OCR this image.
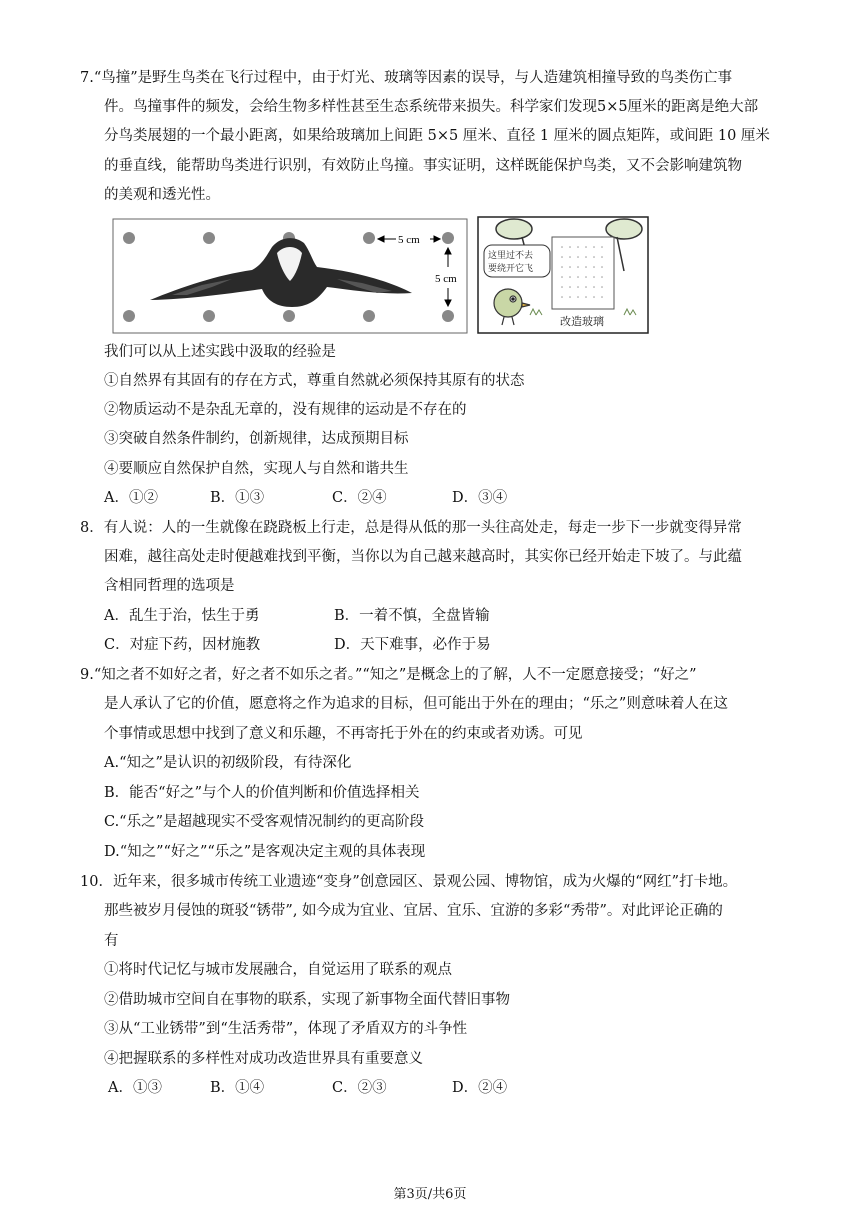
7.“鸟撞”是野生鸟类在飞行过程中，由于灯光、玻璃等因素的误导，与人造建筑相撞导致的鸟类伤亡事
件。鸟撞事件的频发，会给生物多样性甚至生态系统带来损失。科学家们发现5×5厘米的距离是绝大部
分鸟类展翅的一个最小距离，如果给玻璃加上间距 5×5 厘米、直径 1 厘米的圆点矩阵，或间距 10 厘米
的垂直线，能帮助鸟类进行识别，有效防止鸟撞。事实证明，这样既能保护鸟类，又不会影响建筑物
的美观和透光性。
5 cm
5 cm
这里过不去
要绕开它飞
改造玻璃
我们可以从上述实践中汲取的经验是
①自然界有其固有的存在方式，尊重自然就必须保持其原有的状态
②物质运动不是杂乱无章的，没有规律的运动是不存在的
③突破自然条件制约，创新规律，达成预期目标
④要顺应自然保护自然，实现人与自然和谐共生
A．①②	B．①③	C．②④	D．③④
8．有人说：人的一生就像在跷跷板上行走，总是得从低的那一头往高处走，每走一步下一步就变得异常
困难，越往高处走时便越难找到平衡，当你以为自己越来越高时，其实你已经开始走下坡了。与此蕴
含相同哲理的选项是
A．乱生于治，怯生于勇	B．一着不慎，全盘皆输
C．对症下药，因材施教	D．天下难事，必作于易
9.“知之者不如好之者，好之者不如乐之者。”“知之”是概念上的了解，人不一定愿意接受；“好之”
是人承认了它的价值，愿意将之作为追求的目标，但可能出于外在的理由；“乐之”则意味着人在这
个事情或思想中找到了意义和乐趣，不再寄托于外在的约束或者劝诱。可见
A.“知之”是认识的初级阶段，有待深化
B．能否“好之”与个人的价值判断和价值选择相关
C.“乐之”是超越现实不受客观情况制约的更高阶段
D.“知之”“好之”“乐之”是客观决定主观的具体表现
10．近年来，很多城市传统工业遗迹“变身”创意园区、景观公园、博物馆，成为火爆的“网红”打卡地。
那些被岁月侵蚀的斑驳“锈带”, 如今成为宜业、宜居、宜乐、宜游的多彩“秀带”。对此评论正确的
有
①将时代记忆与城市发展融合，自觉运用了联系的观点
②借助城市空间自在事物的联系，实现了新事物全面代替旧事物
③从“工业锈带”到“生活秀带”，体现了矛盾双方的斗争性
④把握联系的多样性对成功改造世界具有重要意义
A．①③	B．①④	C．②③	D．②④
第3页/共6页
